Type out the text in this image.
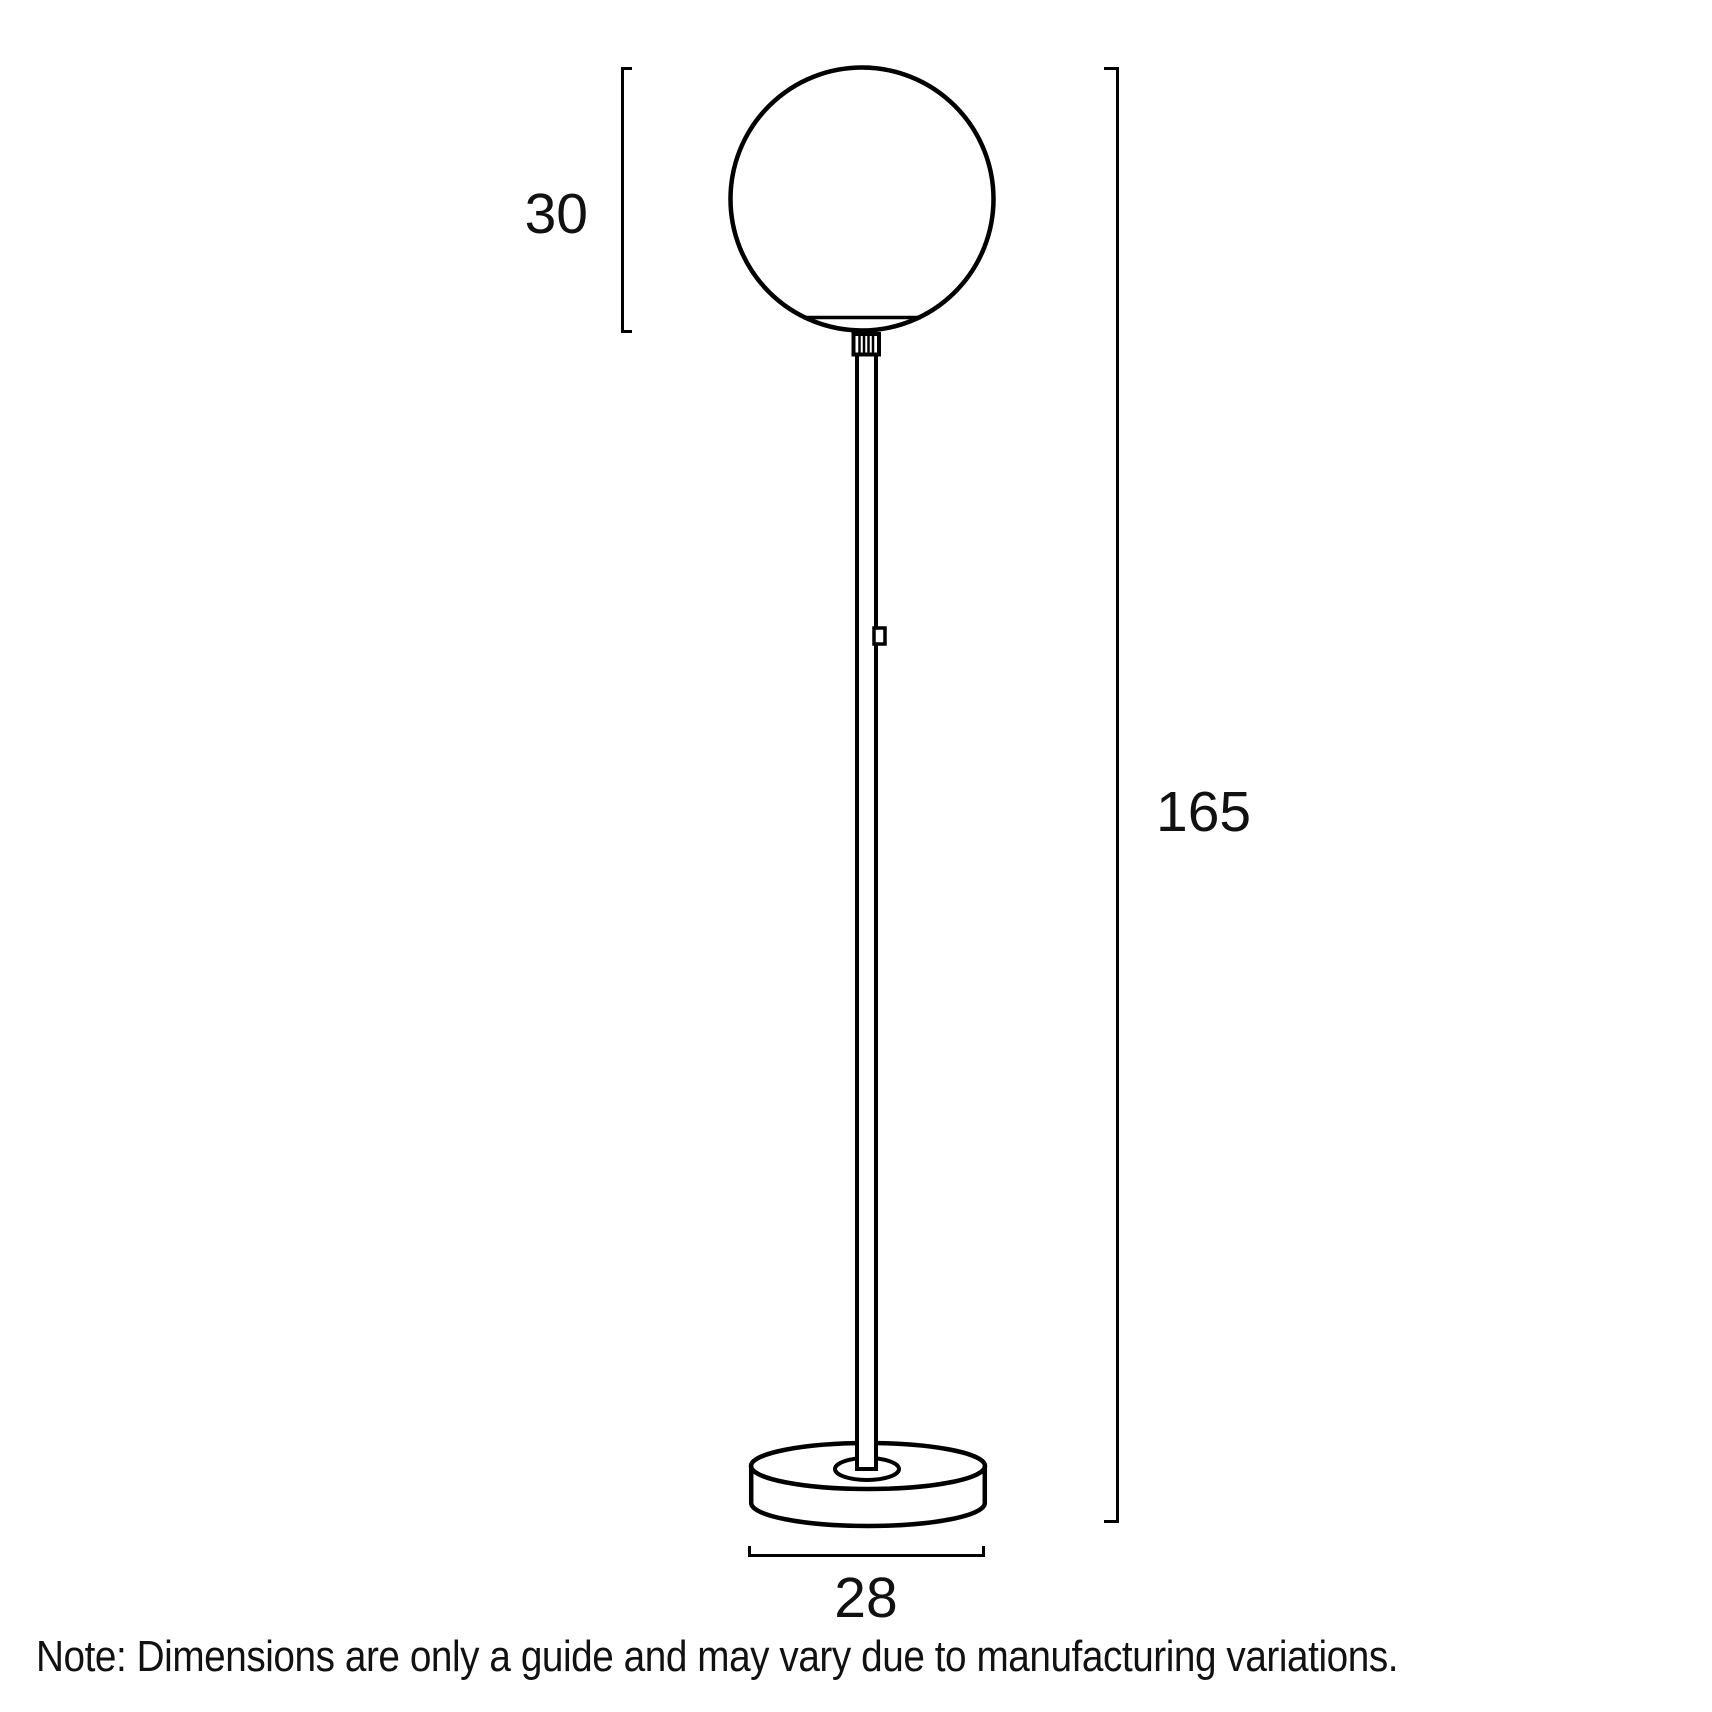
30
165
28
Note: Dimensions are only a guide and may vary due to manufacturing variations.
